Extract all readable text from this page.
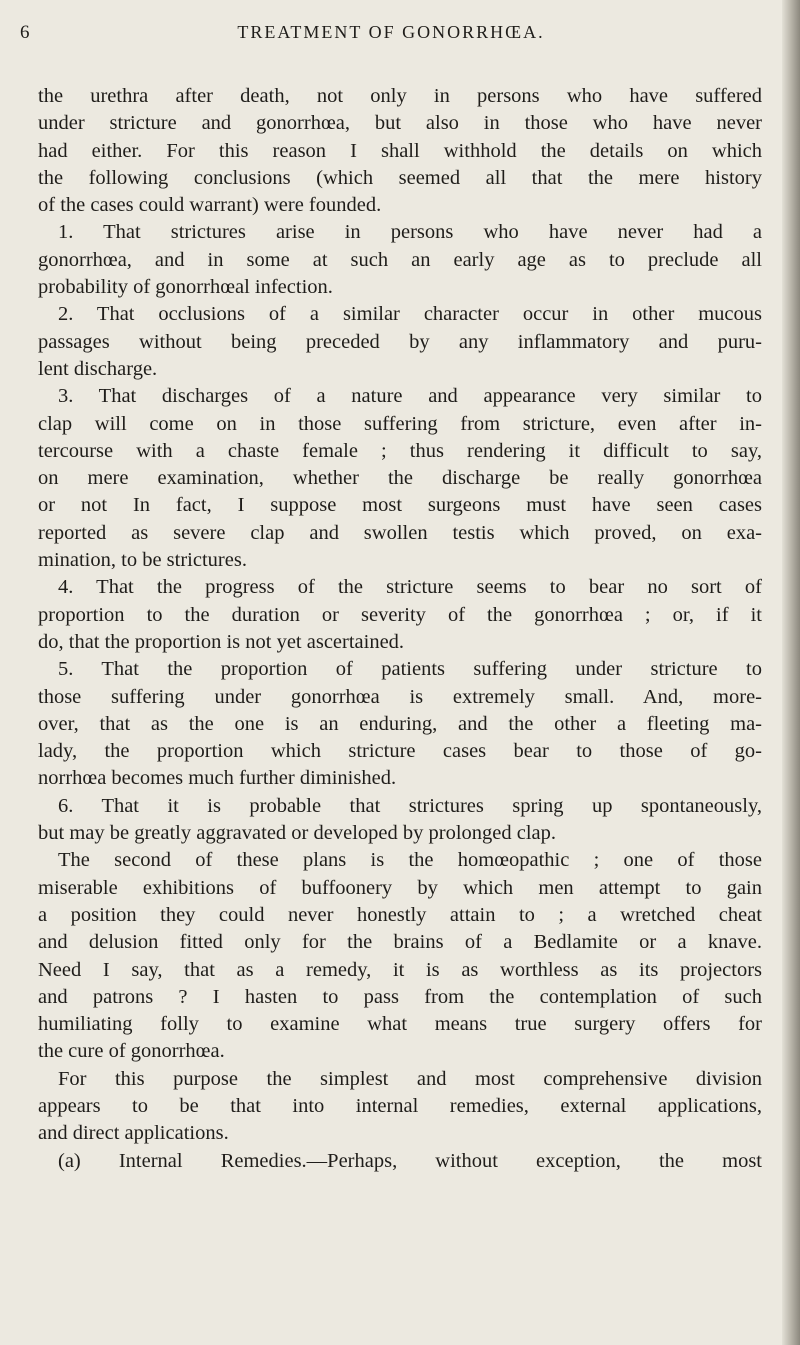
6	TREATMENT OF GONORRHŒA.
the urethra after death, not only in persons who have suffered
under stricture and gonorrhœa, but also in those who have never
had either. For this reason I shall withhold the details on which
the following conclusions (which seemed all that the mere history
of the cases could warrant) were founded.
1. That strictures arise in persons who have never had a
gonorrhœa, and in some at such an early age as to preclude all
probability of gonorrhœal infection.
2. That occlusions of a similar character occur in other mucous
passages without being preceded by any inflammatory and puru-
lent discharge.
3. That discharges of a nature and appearance very similar to
clap will come on in those suffering from stricture, even after in-
tercourse with a chaste female ; thus rendering it difficult to say,
on mere examination, whether the discharge be really gonorrhœa
or not In fact, I suppose most surgeons must have seen cases
reported as severe clap and swollen testis which proved, on exa-
mination, to be strictures.
4. That the progress of the stricture seems to bear no sort of
proportion to the duration or severity of the gonorrhœa ; or, if it
do, that the proportion is not yet ascertained.
5. That the proportion of patients suffering under stricture to
those suffering under gonorrhœa is extremely small. And, more-
over, that as the one is an enduring, and the other a fleeting ma-
lady, the proportion which stricture cases bear to those of go-
norrhœa becomes much further diminished.
6. That it is probable that strictures spring up spontaneously,
but may be greatly aggravated or developed by prolonged clap.
The second of these plans is the homœopathic ; one of those
miserable exhibitions of buffoonery by which men attempt to gain
a position they could never honestly attain to ; a wretched cheat
and delusion fitted only for the brains of a Bedlamite or a knave.
Need I say, that as a remedy, it is as worthless as its projectors
and patrons ? I hasten to pass from the contemplation of such
humiliating folly to examine what means true surgery offers for
the cure of gonorrhœa.
For this purpose the simplest and most comprehensive division
appears to be that into internal remedies, external applications,
and direct applications.
(a) Internal Remedies.—Perhaps, without exception, the most
